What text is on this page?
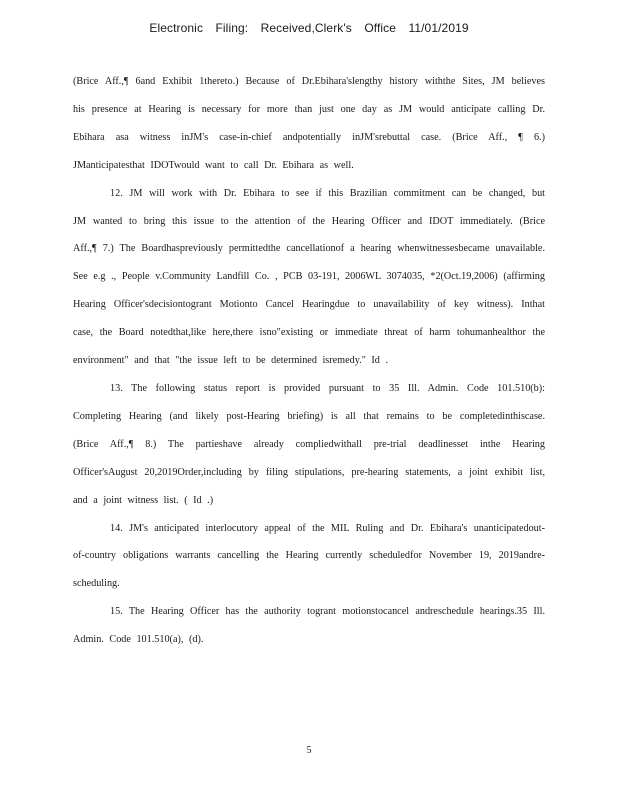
Electronic Filing: Received,Clerk's Office 11/01/2019

(Brice Aff.,¶ 6and Exhibit 1thereto.) Because of Dr.Ebihara'slengthy history withthe Sites, JM believes his presence at Hearing is necessary for more than just one day as JM would anticipate calling Dr. Ebihara asa witness inJM's case-in-chief andpotentially inJM'srebuttal case. (Brice Aff., ¶ 6.) JManticipatesthat IDOTwould want to call Dr. Ebihara as well.

12. JM will work with Dr. Ebihara to see if this Brazilian commitment can be changed, but JM wanted to bring this issue to the attention of the Hearing Officer and IDOT immediately. (Brice Aff.,¶ 7.) The Boardhaspreviously permittedthe cancellationof a hearing whenwitnessesbecame unavailable. See e.g ., People v.Community Landfill Co. , PCB 03-191, 2006WL 3074035, *2(Oct.19,2006) (affirming Hearing Officer'sdecisiontogrant Motionto Cancel Hearingdue to unavailability of key witness). Inthat case, the Board notedthat,like here,there isno"existing or immediate threat of harm tohumanhealthor the environment" and that "the issue left to be determined isremedy." Id .

13. The following status report is provided pursuant to 35 Ill. Admin. Code 101.510(b): Completing Hearing (and likely post-Hearing briefing) is all that remains to be completedinthiscase. (Brice Aff.,¶ 8.) The partieshave already compliedwithall pre-trial deadlinesset inthe Hearing Officer'sAugust 20,2019Order,including by filing stipulations, pre-hearing statements, a joint exhibit list, and a joint witness list. ( Id .)

14. JM's anticipated interlocutory appeal of the MIL Ruling and Dr. Ebihara's unanticipatedout-of-country obligations warrants cancelling the Hearing currently scheduledfor November 19, 2019andre-scheduling.

15. The Hearing Officer has the authority togrant motionstocancel andreschedule hearings.35 Ill. Admin. Code 101.510(a), (d).

5
